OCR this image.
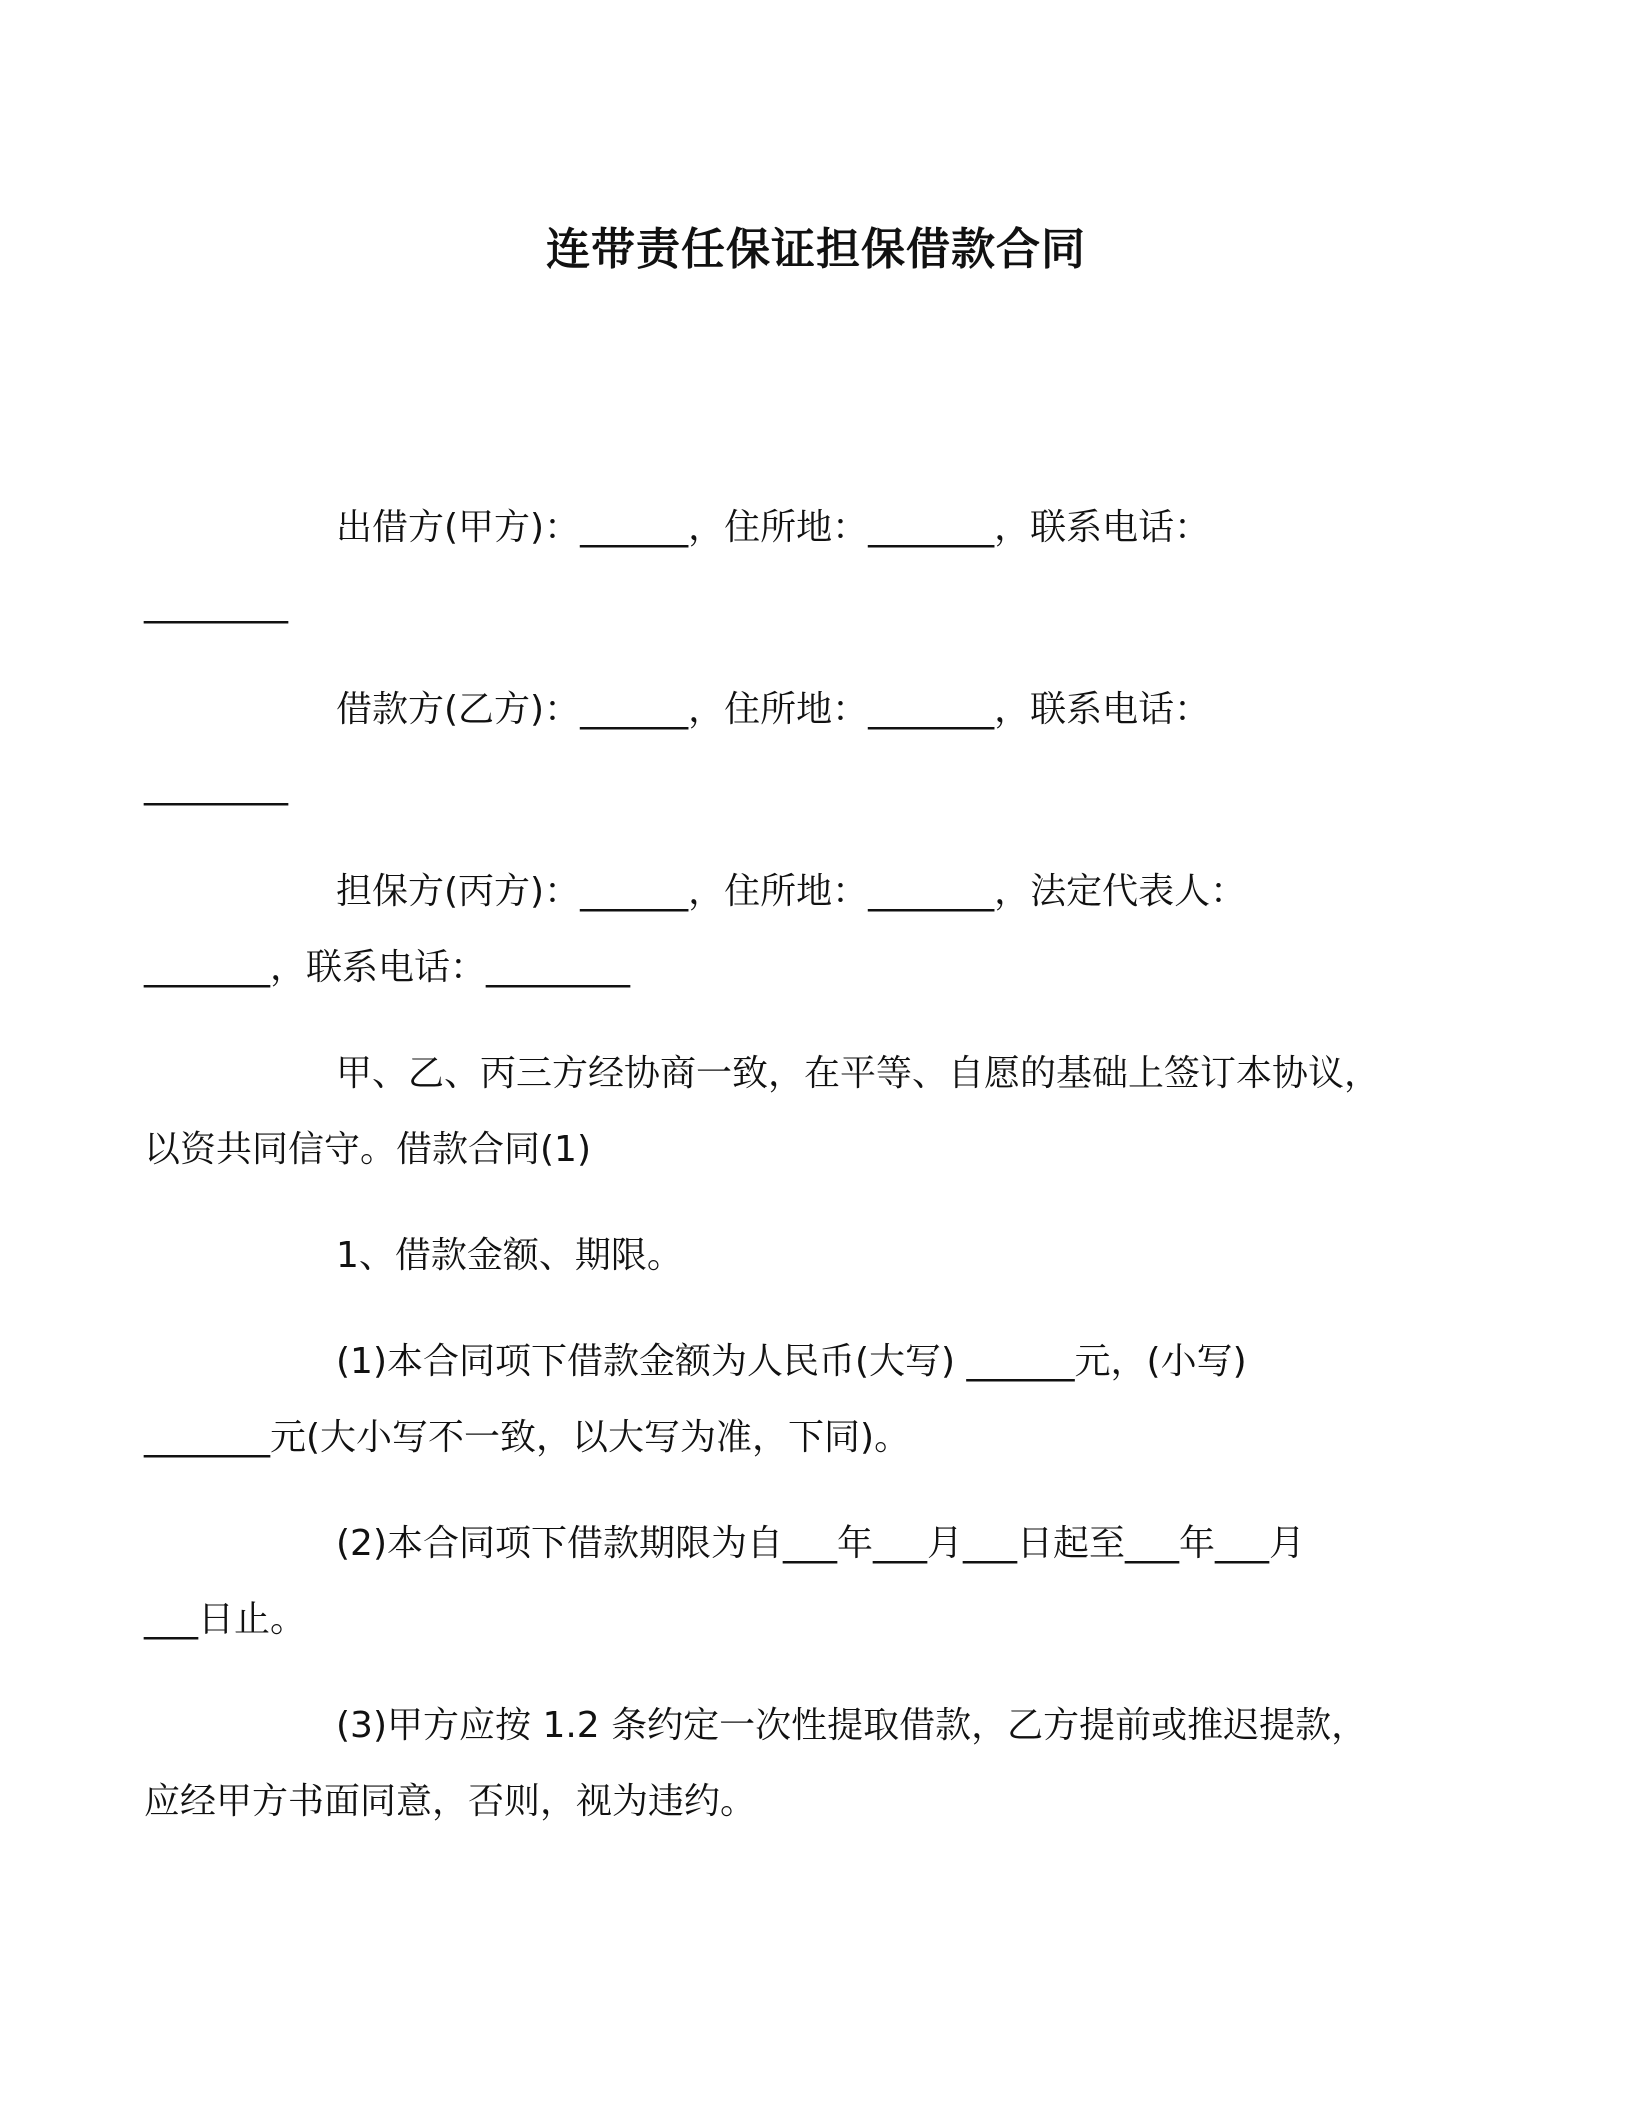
连带责任保证担保借款合同

出借方(甲方)：______，住所地：_______，联系电话：
________

借款方(乙方)：______，住所地：_______，联系电话：
________

担保方(丙方)：______，住所地：_______，法定代表人：
_______，联系电话：________

甲、乙、丙三方经协商一致，在平等、自愿的基础上签订本协议，
以资共同信守。借款合同(1)

1、借款金额、期限。

(1)本合同项下借款金额为人民币(大写) ______元，(小写)
_______元(大小写不一致，以大写为准，下同)。

(2)本合同项下借款期限为自___年___月___日起至___年___月
___日止。

(3)甲方应按 1.2 条约定一次性提取借款，乙方提前或推迟提款，
应经甲方书面同意，否则，视为违约。
